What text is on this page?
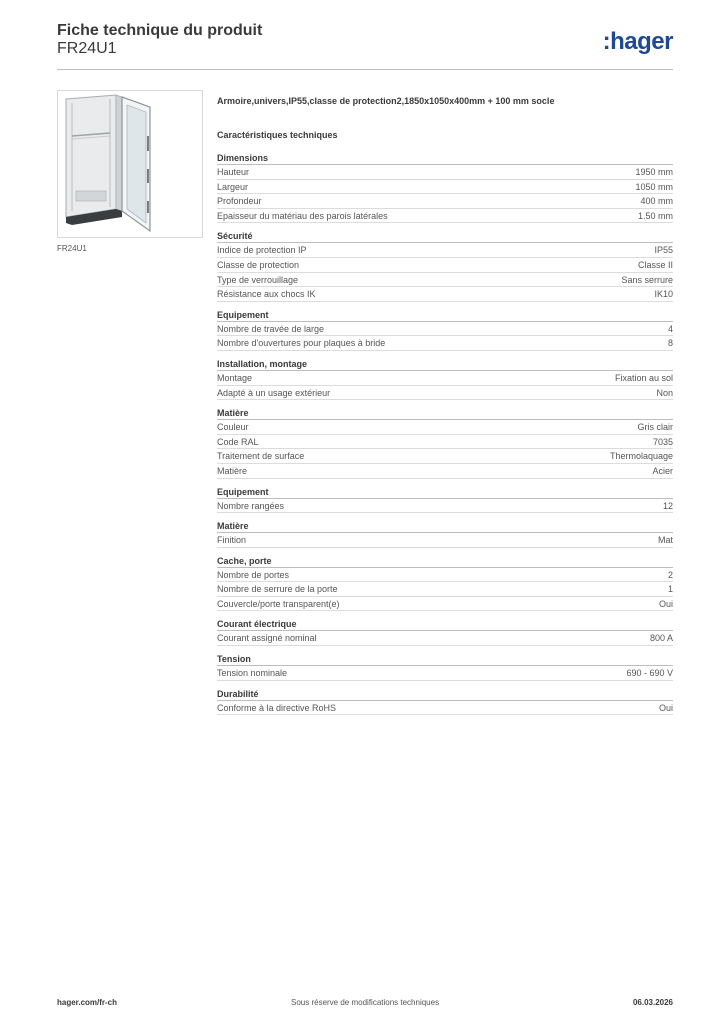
Fiche technique du produit
FR24U1	:hager
FR24U1
Armoire,univers,IP55,classe de protection2,1850x1050x400mm + 100 mm socle
Caractéristiques techniques
Dimensions
Hauteur	1950 mm
Largeur	1050 mm
Profondeur	400 mm
Epaisseur du matériau des parois latérales	1.50 mm
Sécurité
Indice de protection IP	IP55
Classe de protection	Classe II
Type de verrouillage	Sans serrure
Résistance aux chocs IK	IK10
Equipement
Nombre de travée de large	4
Nombre d'ouvertures pour plaques à bride	8
Installation, montage
Montage	Fixation au sol
Adapté à un usage extérieur	Non
Matière
Couleur	Gris clair
Code RAL	7035
Traitement de surface	Thermolaquage
Matière	Acier
Equipement
Nombre rangées	12
Matière
Finition	Mat
Cache, porte
Nombre de portes	2
Nombre de serrure de la porte	1
Couvercle/porte transparent(e)	Oui
Courant électrique
Courant assigné nominal	800 A
Tension
Tension nominale	690 - 690 V
Durabilité
Conforme à la directive RoHS	Oui
hager.com/fr-ch	Sous réserve de modifications techniques	06.03.2026
